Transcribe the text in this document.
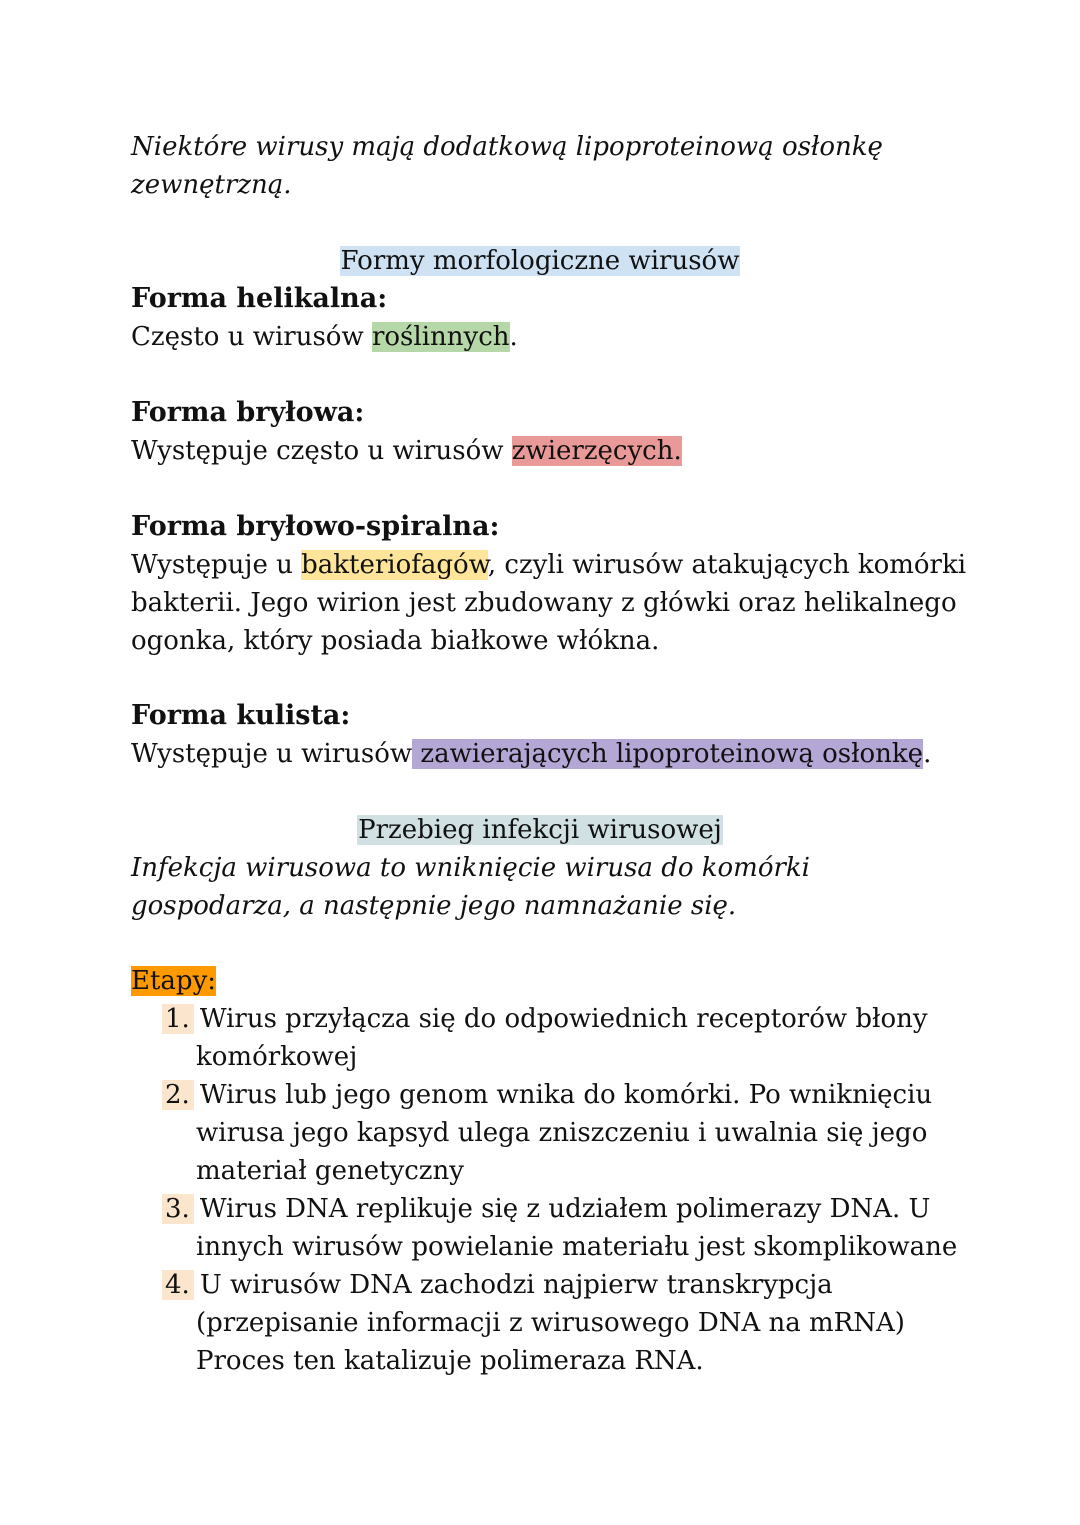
Niektóre wirusy mają dodatkową lipoproteinową osłonkę
zewnętrzną.
Formy morfologiczne wirusów
Forma helikalna:
Często u wirusów roślinnych.
Forma bryłowa:
Występuje często u wirusów zwierzęcych.
Forma bryłowo-spiralna:
Występuje u bakteriofagów, czyli wirusów atakujących komórki
bakterii. Jego wirion jest zbudowany z główki oraz helikalnego
ogonka, który posiada białkowe włókna.
Forma kulista:
Występuje u wirusów zawierających lipoproteinową osłonkę.
Przebieg infekcji wirusowej
Infekcja wirusowa to wniknięcie wirusa do komórki
gospodarza, a następnie jego namnażanie się.
Etapy:
1. Wirus przyłącza się do odpowiednich receptorów błony
komórkowej
2. Wirus lub jego genom wnika do komórki. Po wniknięciu
wirusa jego kapsyd ulega zniszczeniu i uwalnia się jego
materiał genetyczny
3. Wirus DNA replikuje się z udziałem polimerazy DNA. U
innych wirusów powielanie materiału jest skomplikowane
4. U wirusów DNA zachodzi najpierw transkrypcja
(przepisanie informacji z wirusowego DNA na mRNA)
Proces ten katalizuje polimeraza RNA.
